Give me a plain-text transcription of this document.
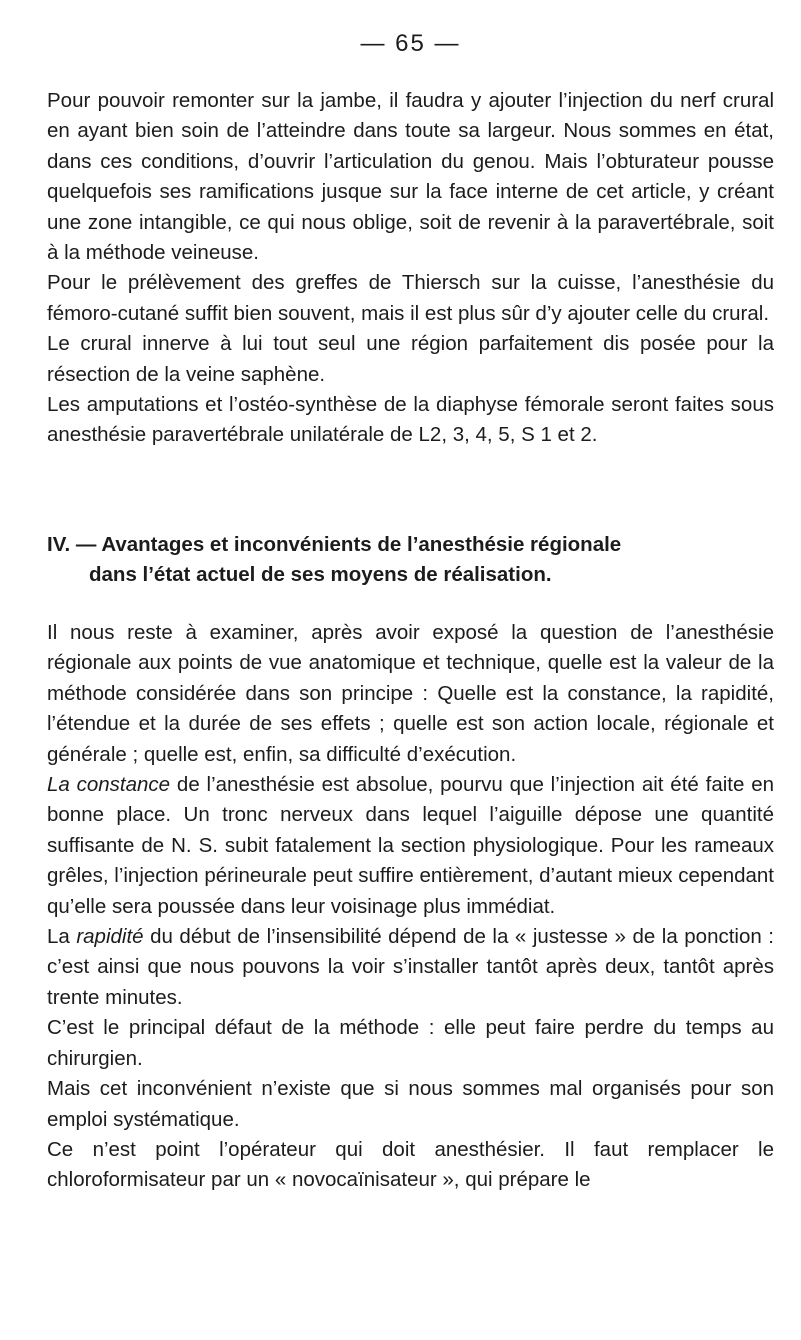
— 65 —

Pour pouvoir remonter sur la jambe, il faudra y ajouter l’injection du nerf crural en ayant bien soin de l’atteindre dans toute sa largeur. Nous sommes en état, dans ces conditions, d’ouvrir l’articulation du genou. Mais l’obturateur pousse quelquefois ses ramifications jusque sur la face interne de cet article, y créant une zone intangible, ce qui nous oblige, soit de revenir à la paravertébrale, soit à la méthode veineuse.

Pour le prélèvement des greffes de Thiersch sur la cuisse, l’anesthésie du fémoro-cutané suffit bien souvent, mais il est plus sûr d’y ajouter celle du crural.

Le crural innerve à lui tout seul une région parfaitement dis posée pour la résection de la veine saphène.

Les amputations et l’ostéo-synthèse de la diaphyse fémorale seront faites sous anesthésie paravertébrale unilatérale de L2, 3, 4, 5, S 1 et 2.

IV. — Avantages et inconvénients de l’anesthésie régionale
dans l’état actuel de ses moyens de réalisation.

Il nous reste à examiner, après avoir exposé la question de l’anesthésie régionale aux points de vue anatomique et technique, quelle est la valeur de la méthode considérée dans son principe : Quelle est la constance, la rapidité, l’étendue et la durée de ses effets ; quelle est son action locale, régionale et générale ; quelle est, enfin, sa difficulté d’exécution.

La constance de l’anesthésie est absolue, pourvu que l’injection ait été faite en bonne place. Un tronc nerveux dans lequel l’aiguille dépose une quantité suffisante de N. S. subit fatalement la section physiologique. Pour les rameaux grêles, l’injection périneurale peut suffire entièrement, d’autant mieux cependant qu’elle sera poussée dans leur voisinage plus immédiat.

La rapidité du début de l’insensibilité dépend de la « justesse » de la ponction : c’est ainsi que nous pouvons la voir s’installer tantôt après deux, tantôt après trente minutes.

C’est le principal défaut de la méthode : elle peut faire perdre du temps au chirurgien.

Mais cet inconvénient n’existe que si nous sommes mal organisés pour son emploi systématique.

Ce n’est point l’opérateur qui doit anesthésier. Il faut remplacer le chloroformisateur par un « novocaïnisateur », qui prépare le
